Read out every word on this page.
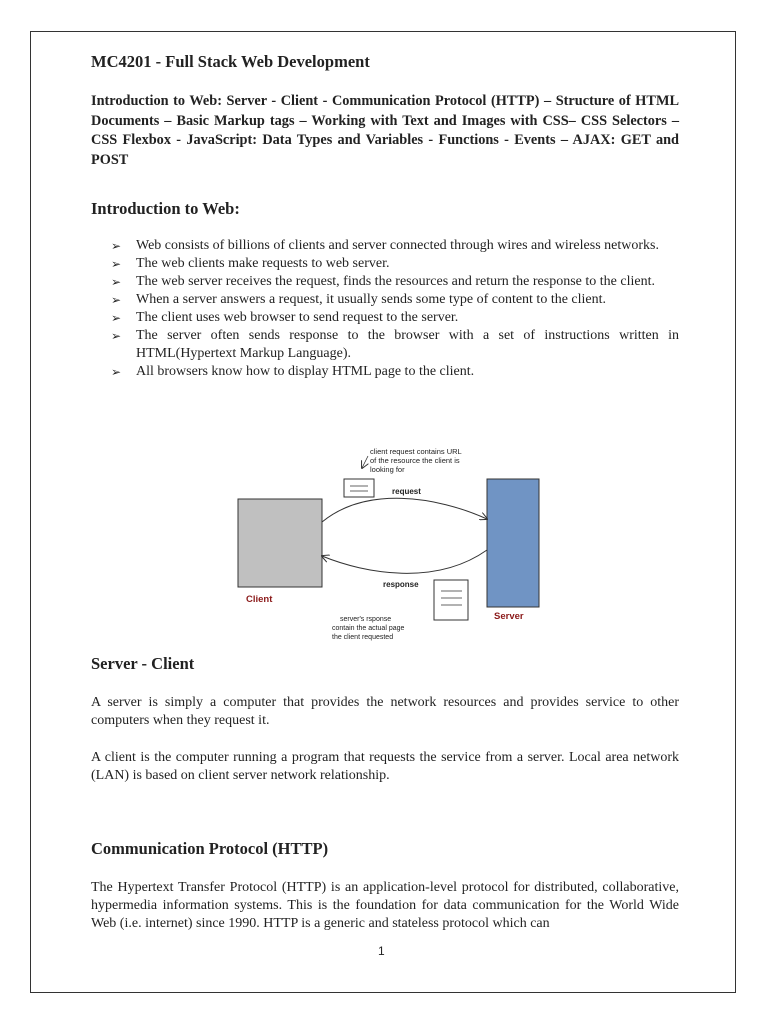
MC4201 - Full Stack Web Development

Introduction to Web: Server - Client - Communication Protocol (HTTP) – Structure of HTML Documents – Basic Markup tags – Working with Text and Images with CSS– CSS Selectors – CSS Flexbox - JavaScript: Data Types and Variables - Functions - Events – AJAX: GET and POST

Introduction to Web:
➢ Web consists of billions of clients and server connected through wires and wireless networks.
➢ The web clients make requests to web server.
➢ The web server receives the request, finds the resources and return the response to the client.
➢ When a server answers a request, it usually sends some type of content to the client.
➢ The client uses web browser to send request to the server.
➢ The server often sends response to the browser with a set of instructions written in HTML(Hypertext Markup Language).
➢ All browsers know how to display HTML page to the client.
Server - Client

A server is simply a computer that provides the network resources and provides service to other computers when they request it.

A client is the computer running a program that requests the service from a server. Local area network (LAN) is based on client server network relationship.

Communication Protocol (HTTP)

The Hypertext Transfer Protocol (HTTP) is an application-level protocol for distributed, collaborative, hypermedia information systems. This is the foundation for data communication for the World Wide Web (i.e. internet) since 1990. HTTP is a generic and stateless protocol which can

client request contains URL
of the resource the client is
looking for
request
response
Client
Server
server's rsponse
contain the actual page
the client requested
1
